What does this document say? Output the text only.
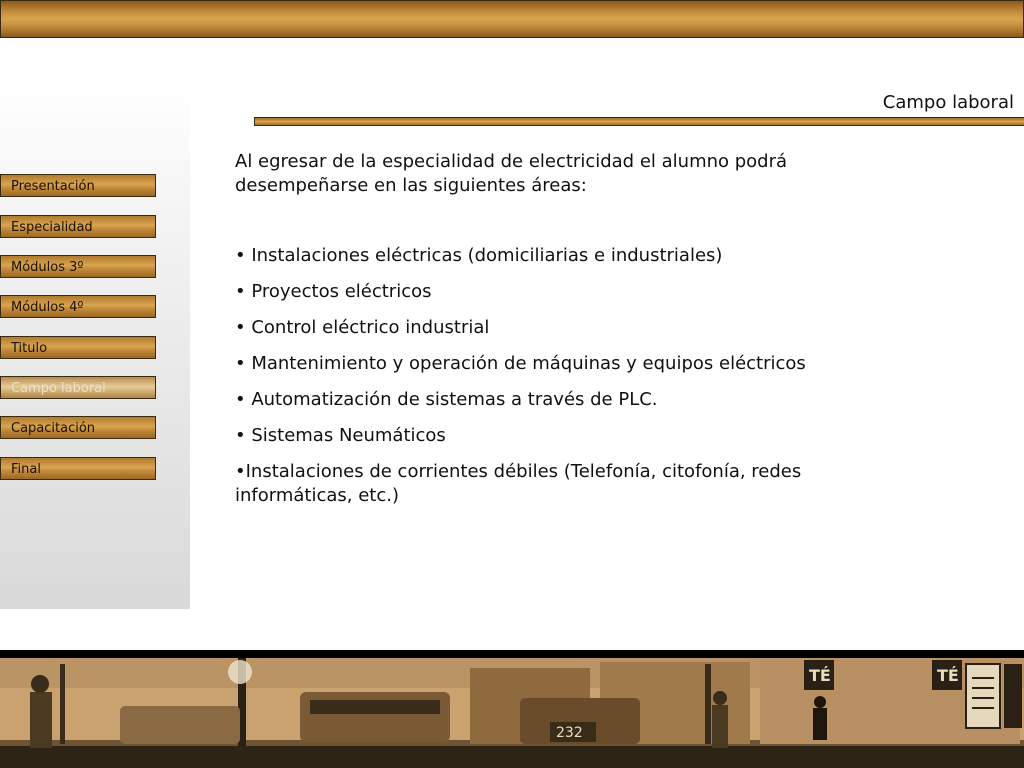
Campo laboral
Presentación
Especialidad
Módulos 3º
Módulos 4º
Titulo
Campo laboral
Capacitación
Final

Al egresar de la especialidad de electricidad el alumno podrá desempeñarse en las siguientes áreas:

• Instalaciones eléctricas (domiciliarias e industriales)

• Proyectos eléctricos

• Control eléctrico industrial

• Mantenimiento y operación de máquinas y equipos eléctricos

• Automatización de sistemas a través de PLC.

• Sistemas Neumáticos

•Instalaciones de corrientes débiles (Telefonía, citofonía, redes informáticas, etc.)

TÉ	TÉ
232
